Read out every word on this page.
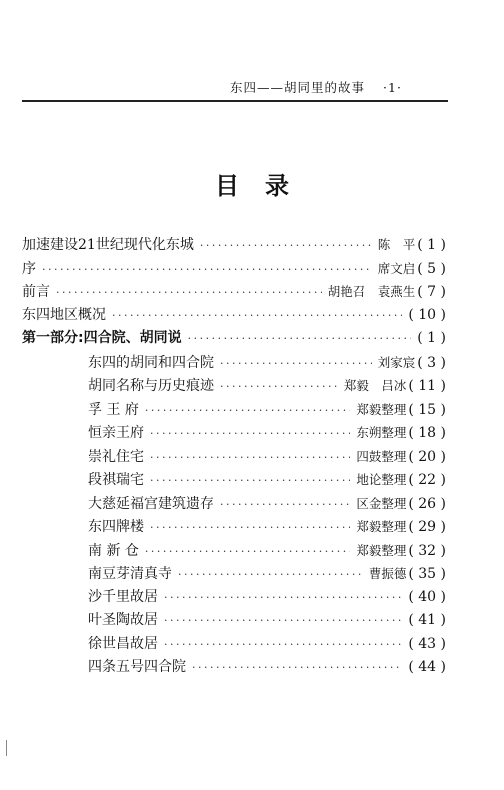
东四——胡同里的故事 ·1·
目录
加速建设21世纪现代化东城 ·····	陈　平 ( 1 )
序 ·····	席文启 ( 5 )
前言 ·····	胡艳召　袁燕生 ( 7 )
东四地区概况 ·····	( 10 )
第一部分:四合院、胡同说 ·····	( 1 )
东四的胡同和四合院 ·····	刘家宸 ( 3 )
胡同名称与历史痕迹 ·····	郑毅　吕冰 ( 11 )
孚 王 府 ·····	郑毅整理 ( 15 )
恒亲王府 ·····	东朔整理 ( 18 )
崇礼住宅 ·····	四鼓整理 ( 20 )
段祺瑞宅 ·····	地论整理 ( 22 )
大慈延福宫建筑遗存 ·····	区金整理 ( 26 )
东四牌楼 ·····	郑毅整理 ( 29 )
南 新 仓 ·····	郑毅整理 ( 32 )
南豆芽清真寺 ·····	曹振德 ( 35 )
沙千里故居 ·····	( 40 )
叶圣陶故居 ·····	( 41 )
徐世昌故居 ·····	( 43 )
四条五号四合院 ·····	( 44 )
